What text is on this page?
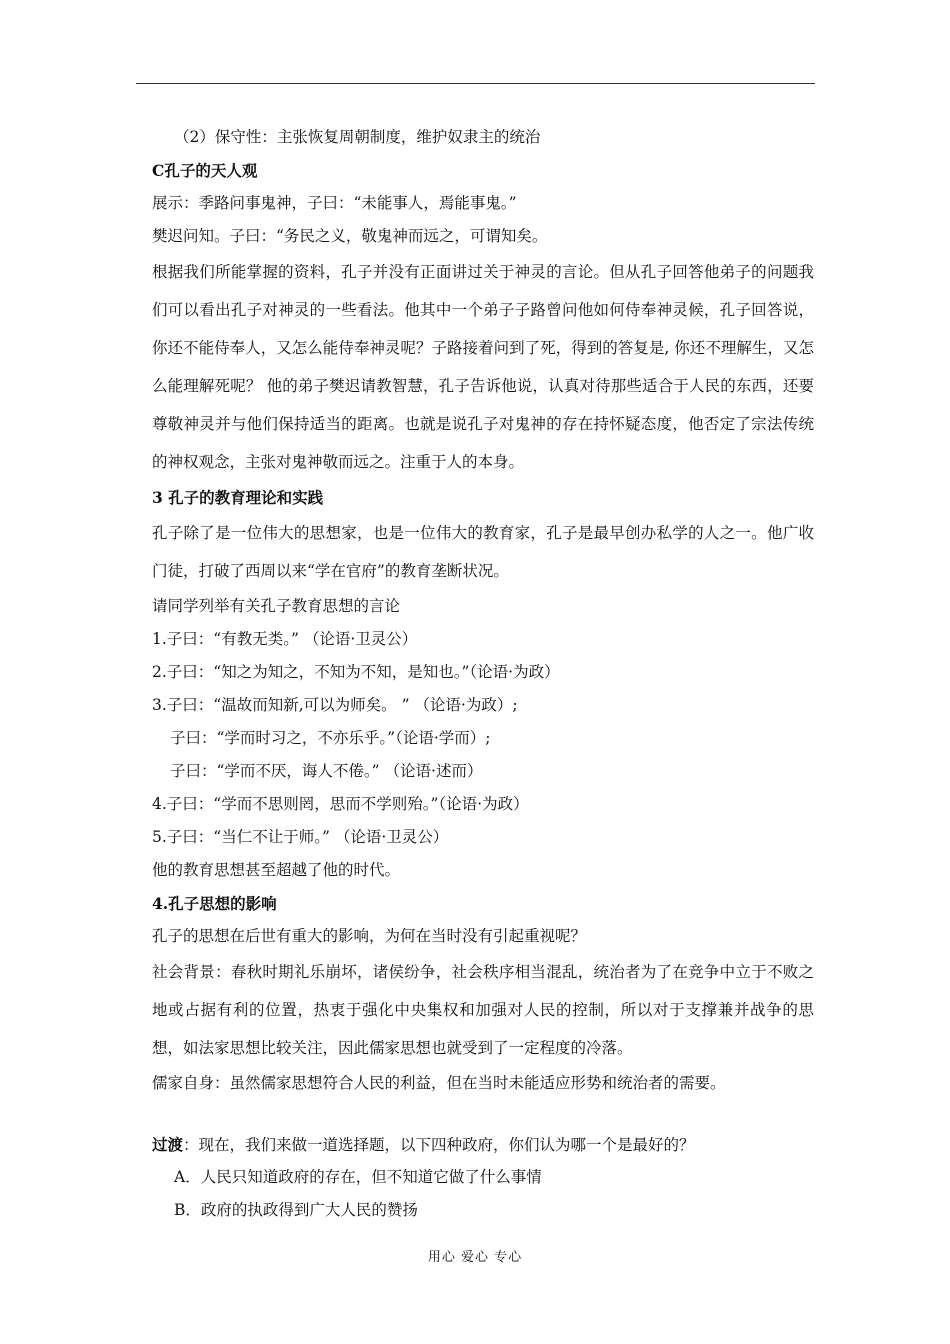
（2）保守性：主张恢复周朝制度，维护奴隶主的统治
C孔子的天人观
展示：季路问事鬼神，子曰：“未能事人，焉能事鬼。”
樊迟问知。子曰：“务民之义，敬鬼神而远之，可谓知矣。
根据我们所能掌握的资料，孔子并没有正面讲过关于神灵的言论。但从孔子回答他弟子的问题我们可以看出孔子对神灵的一些看法。他其中一个弟子子路曾问他如何侍奉神灵候，孔子回答说，你还不能侍奉人，又怎么能侍奉神灵呢？子路接着问到了死，得到的答复是, 你还不理解生，又怎么能理解死呢？ 他的弟子樊迟请教智慧，孔子告诉他说，认真对待那些适合于人民的东西，还要尊敬神灵并与他们保持适当的距离。也就是说孔子对鬼神的存在持怀疑态度，他否定了宗法传统的神权观念，主张对鬼神敬而远之。注重于人的本身。
3 孔子的教育理论和实践
孔子除了是一位伟大的思想家，也是一位伟大的教育家，孔子是最早创办私学的人之一。他广收门徒，打破了西周以来“学在官府”的教育垄断状况。
请同学列举有关孔子教育思想的言论
1.子曰：“有教无类。” （论语·卫灵公）
2.子曰：“知之为知之，不知为不知，是知也。”（论语·为政）
3.子曰：“温故而知新,可以为师矣。 ” （论语·为政）;
子曰：“学而时习之，不亦乐乎。”（论语·学而）;
子曰：“学而不厌，诲人不倦。” （论语·述而）
4.子曰：“学而不思则罔，思而不学则殆。”（论语·为政）
5.子曰：“当仁不让于师。” （论语·卫灵公）
他的教育思想甚至超越了他的时代。
4.孔子思想的影响
孔子的思想在后世有重大的影响，为何在当时没有引起重视呢？
社会背景：春秋时期礼乐崩坏，诸侯纷争，社会秩序相当混乱，统治者为了在竞争中立于不败之地或占据有利的位置，热衷于强化中央集权和加强对人民的控制，所以对于支撑兼并战争的思想，如法家思想比较关注，因此儒家思想也就受到了一定程度的冷落。
儒家自身：虽然儒家思想符合人民的利益，但在当时未能适应形势和统治者的需要。
过渡：现在，我们来做一道选择题，以下四种政府，你们认为哪一个是最好的？
A．人民只知道政府的存在，但不知道它做了什么事情
B．政府的执政得到广大人民的赞扬
用心 爱心 专心
